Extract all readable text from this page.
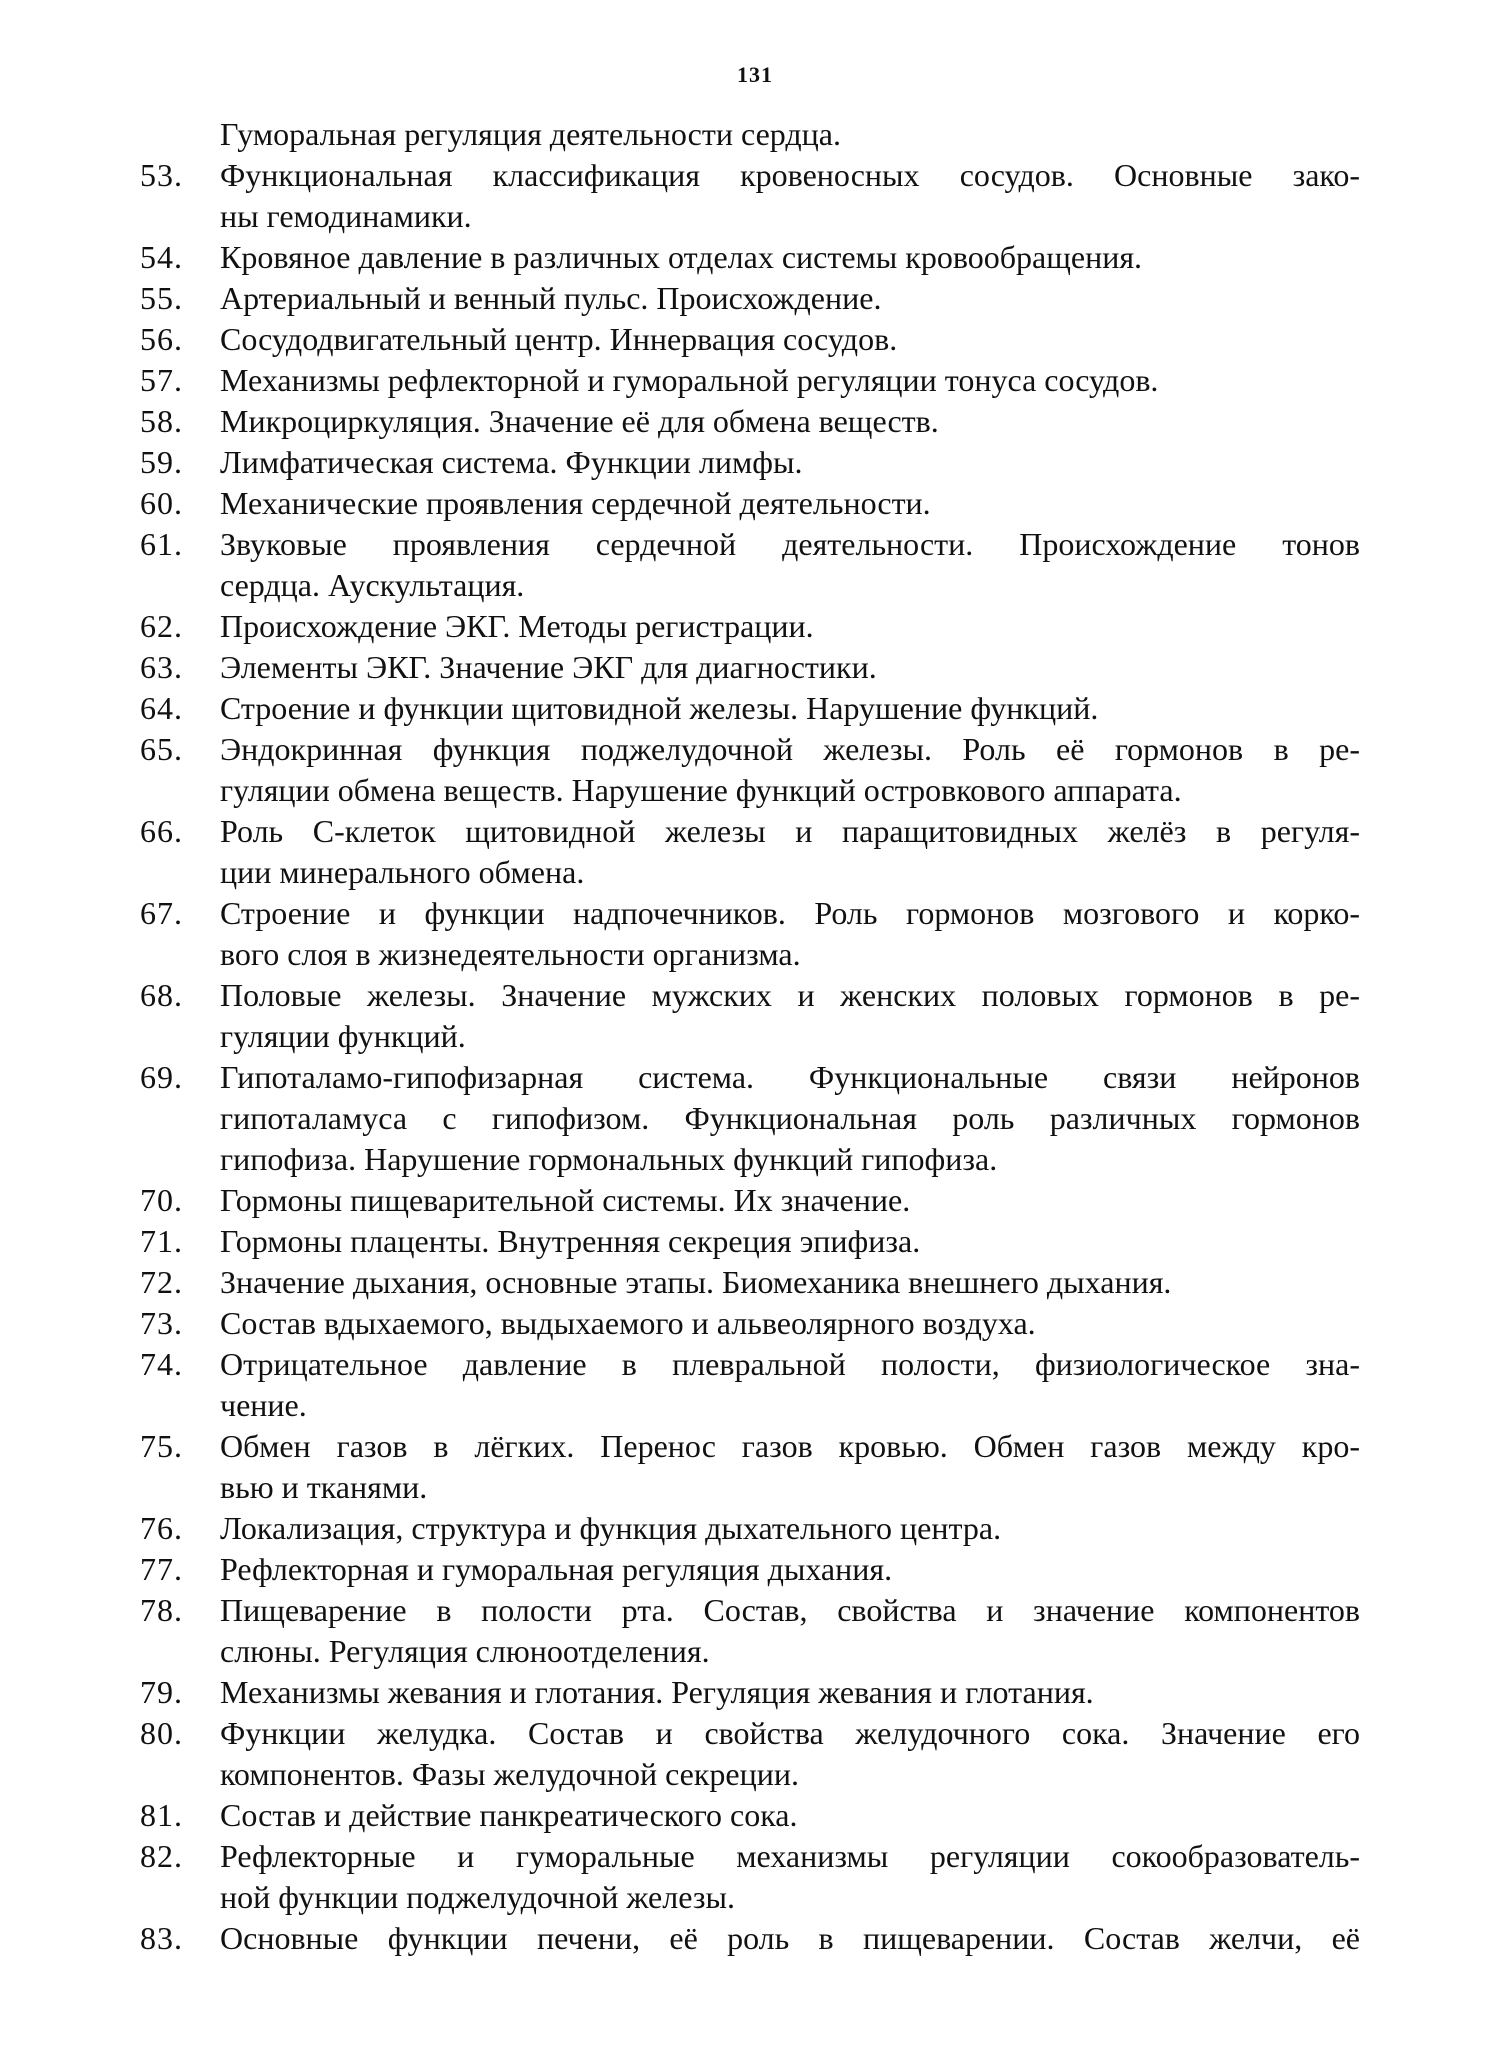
131
Гуморальная регуляция деятельности сердца.
53.	Функциональная классификация кровеносных сосудов. Основные зако-
ны гемодинамики.
54.	Кровяное давление в различных отделах системы кровообращения.
55.	Артериальный и венный пульс. Происхождение.
56.	Сосудодвигательный центр. Иннервация сосудов.
57.	Механизмы рефлекторной и гуморальной регуляции тонуса сосудов.
58.	Микроциркуляция. Значение её для обмена веществ.
59.	Лимфатическая система. Функции лимфы.
60.	Механические проявления сердечной деятельности.
61.	Звуковые проявления сердечной деятельности. Происхождение тонов
сердца. Аускультация.
62.	Происхождение ЭКГ. Методы регистрации.
63.	Элементы ЭКГ. Значение ЭКГ для диагностики.
64.	Строение и функции щитовидной железы. Нарушение функций.
65.	Эндокринная функция поджелудочной железы. Роль её гормонов в ре-
гуляции обмена веществ. Нарушение функций островкового аппарата.
66.	Роль С-клеток щитовидной железы и паращитовидных желёз в регуля-
ции минерального обмена.
67.	Строение и функции надпочечников. Роль гормонов мозгового и корко-
вого слоя в жизнедеятельности организма.
68.	Половые железы. Значение мужских и женских половых гормонов в ре-
гуляции функций.
69.	Гипоталамо-гипофизарная система. Функциональные связи нейронов
гипоталамуса с гипофизом. Функциональная роль различных гормонов
гипофиза. Нарушение гормональных функций гипофиза.
70.	Гормоны пищеварительной системы. Их значение.
71.	Гормоны плаценты. Внутренняя секреция эпифиза.
72.	Значение дыхания, основные этапы. Биомеханика внешнего дыхания.
73.	Состав вдыхаемого, выдыхаемого и альвеолярного воздуха.
74.	Отрицательное давление в плевральной полости, физиологическое зна-
чение.
75.	Обмен газов в лёгких. Перенос газов кровью. Обмен газов между кро-
вью и тканями.
76.	Локализация, структура и функция дыхательного центра.
77.	Рефлекторная и гуморальная регуляция дыхания.
78.	Пищеварение в полости рта. Состав, свойства и значение компонентов
слюны. Регуляция слюноотделения.
79.	Механизмы жевания и глотания. Регуляция жевания и глотания.
80.	Функции желудка. Состав и свойства желудочного сока. Значение его
компонентов. Фазы желудочной секреции.
81.	Состав и действие панкреатического сока.
82.	Рефлекторные и гуморальные механизмы регуляции сокообразователь-
ной функции поджелудочной железы.
83.	Основные функции печени, её роль в пищеварении. Состав желчи, её
